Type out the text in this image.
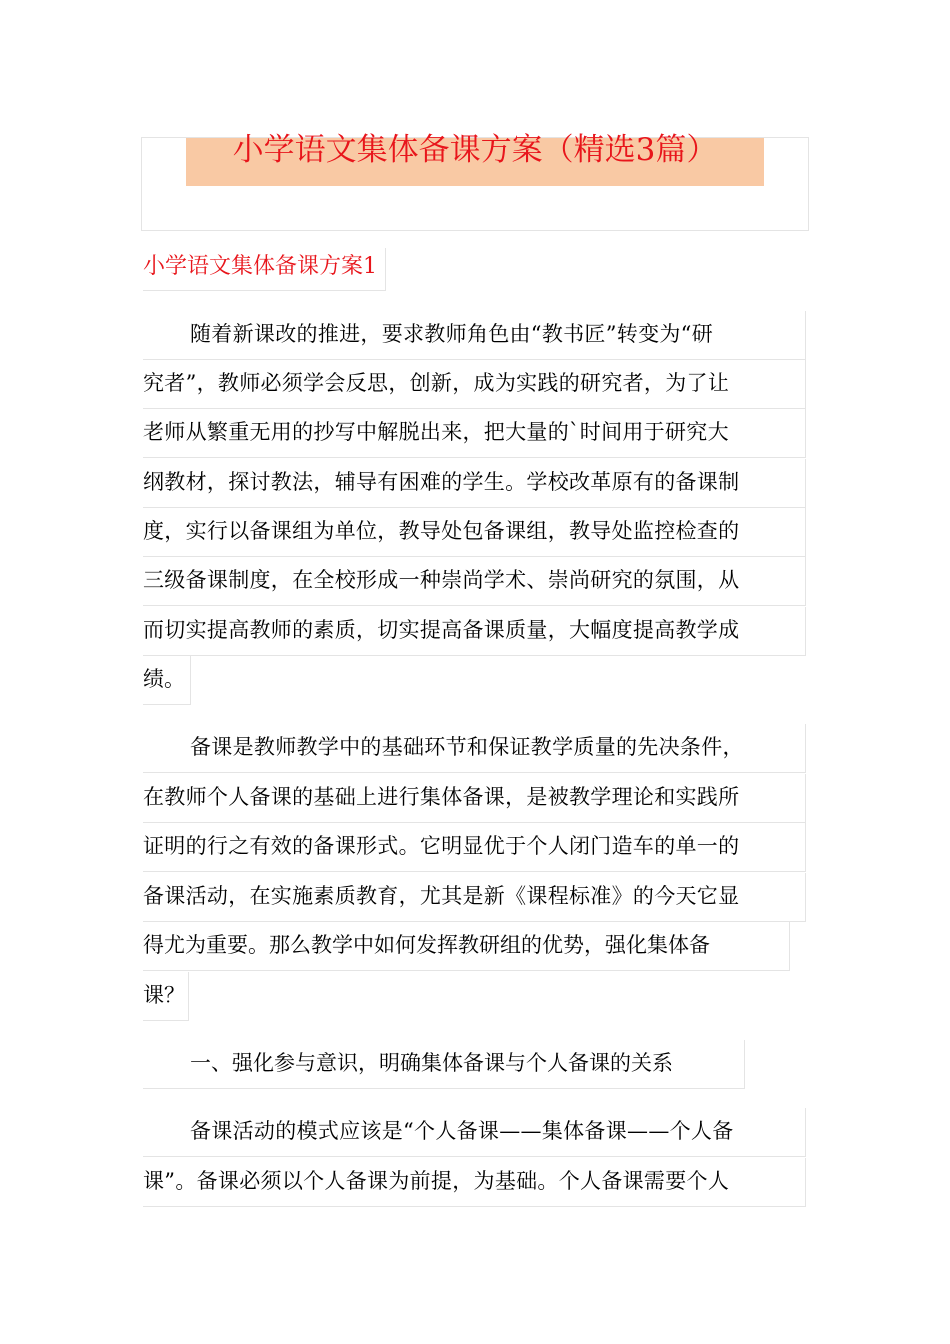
小学语文集体备课方案（精选3篇）
小学语文集体备课方案1
随着新课改的推进，要求教师角色由“教书匠”转变为“研
究者”，教师必须学会反思，创新，成为实践的研究者，为了让
老师从繁重无用的抄写中解脱出来，把大量的`时间用于研究大
纲教材，探讨教法，辅导有困难的学生。学校改革原有的备课制
度，实行以备课组为单位，教导处包备课组，教导处监控检查的
三级备课制度，在全校形成一种崇尚学术、崇尚研究的氛围，从
而切实提高教师的素质，切实提高备课质量，大幅度提高教学成
绩。
备课是教师教学中的基础环节和保证教学质量的先决条件，
在教师个人备课的基础上进行集体备课，是被教学理论和实践所
证明的行之有效的备课形式。它明显优于个人闭门造车的单一的
备课活动，在实施素质教育，尤其是新《课程标准》的今天它显
得尤为重要。那么教学中如何发挥教研组的优势，强化集体备
课？
一、强化参与意识，明确集体备课与个人备课的关系
备课活动的模式应该是“个人备课——集体备课——个人备
课”。备课必须以个人备课为前提，为基础。个人备课需要个人
